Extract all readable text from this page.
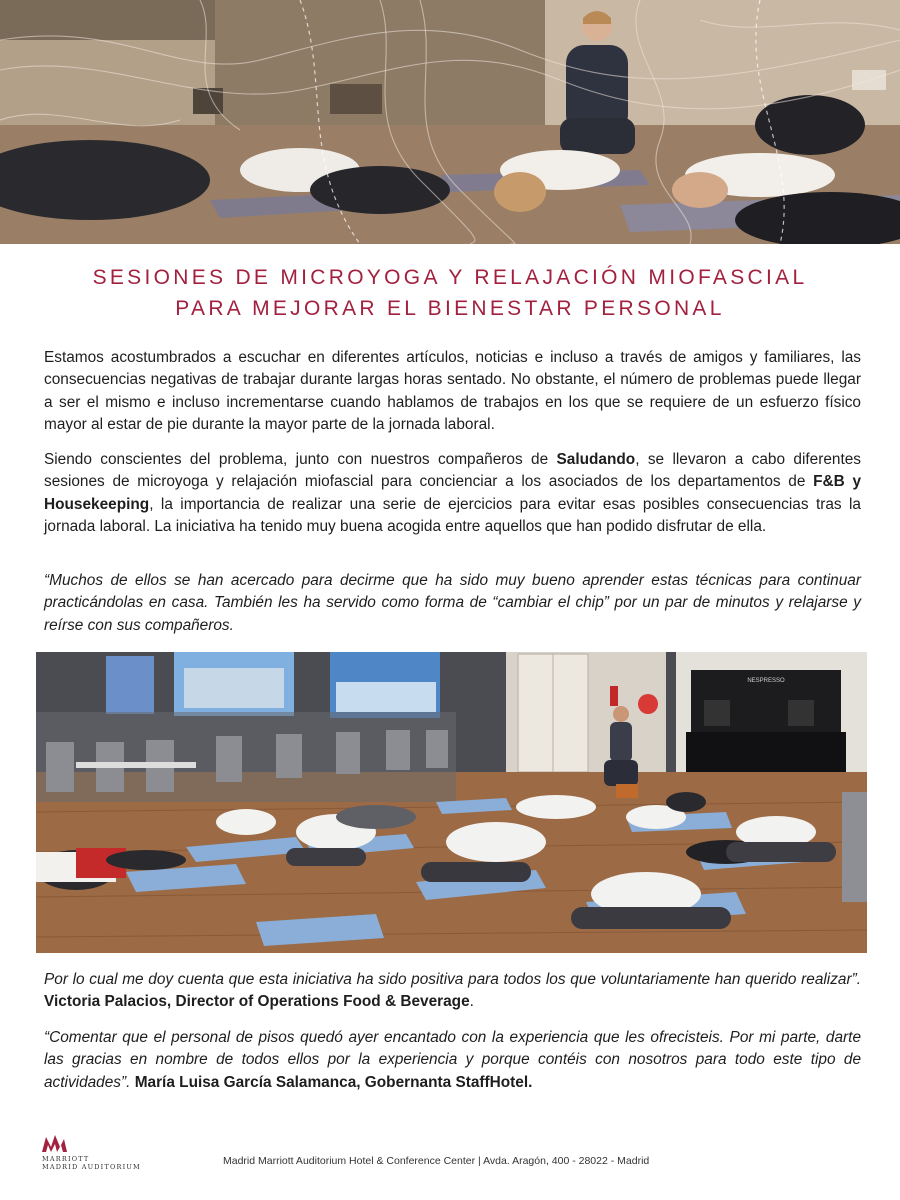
SESIONES DE MICROYOGA Y RELAJACIÓN MIOFASCIAL
PARA MEJORAR EL BIENESTAR PERSONAL

Estamos acostumbrados a escuchar en diferentes artículos, noticias e incluso a través de amigos y familiares, las consecuencias negativas de trabajar durante largas horas sentado. No obstante, el número de problemas puede llegar a ser el mismo e incluso incrementarse cuando hablamos de trabajos en los que se requiere de un esfuerzo físico mayor al estar de pie durante la mayor parte de la jornada laboral.

Siendo conscientes del problema, junto con nuestros compañeros de Saludando, se llevaron a cabo diferentes sesiones de microyoga y relajación miofascial para concienciar a los asociados de los departamentos de F&B y Housekeeping, la importancia de realizar una serie de ejercicios para evitar esas posibles consecuencias tras la jornada laboral. La iniciativa ha tenido muy buena acogida entre aquellos que han podido disfrutar de ella.

“Muchos de ellos se han acercado para decirme que ha sido muy bueno aprender estas técnicas para continuar practicándolas en casa. También les ha servido como forma de “cambiar el chip” por un par de minutos y relajarse y reírse con sus compañeros.

NESPRESSO

Por lo cual me doy cuenta que esta iniciativa ha sido positiva para todos los que voluntariamente han querido realizar”. Victoria Palacios, Director of Operations Food & Beverage.

“Comentar que el personal de pisos quedó ayer encantado con la experiencia que les ofrecisteis. Por mi parte, darte las gracias en nombre de todos ellos por la experiencia y porque contéis con nosotros para todo este tipo de actividades”. María Luisa García Salamanca, Gobernanta StaffHotel.

MARRIOTT
MADRID AUDITORIUM	Madrid Marriott Auditorium Hotel & Conference Center | Avda. Aragón, 400 - 28022 - Madrid
